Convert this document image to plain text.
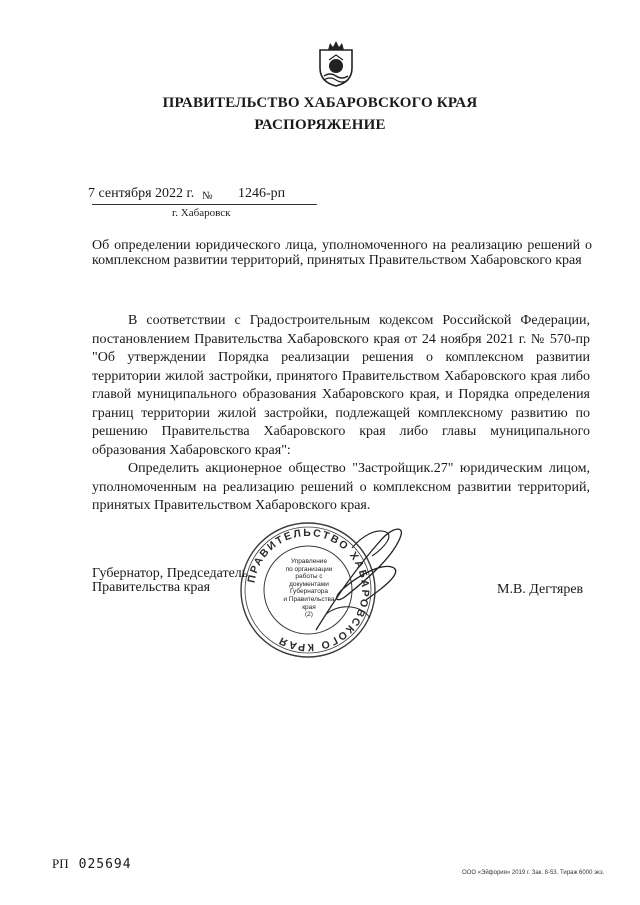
ПРАВИТЕЛЬСТВО ХАБАРОВСКОГО КРАЯ
РАСПОРЯЖЕНИЕ
7 сентября 2022 г. № 1246-рп
г. Хабаровск
Об определении юридического лица, уполномоченного на реализацию решений о комплексном развитии территорий, принятых Правительством Хабаровского края

В соответствии с Градостроительным кодексом Российской Федерации, постановлением Правительства Хабаровского края от 24 ноября 2021 г. № 570-пр "Об утверждении Порядка реализации решения о комплексном развитии территории жилой застройки, принятого Правительством Хабаровского края либо главой муниципального образования Хабаровского края, и Порядка определения границ территории жилой застройки, подлежащей комплексному развитию по решению Правительства Хабаровского края либо главы муниципального образования Хабаровского края":

Определить акционерное общество "Застройщик.27" юридическим лицом, уполномоченным на реализацию решений о комплексном развитии территорий, принятых Правительством Хабаровского края.

ПРАВИТЕЛЬСТВО ХАБАРОВСКОГО КРАЯ
Управление
по организации
работы с документами
Губернатора
и Правительства
края
(2)
Губернатор, Председатель
Правительства края	М.В. Дегтярев
РП 025694
ООО «Эйфория» 2019 г. Зак. 8-53. Тираж 6000 экз.
